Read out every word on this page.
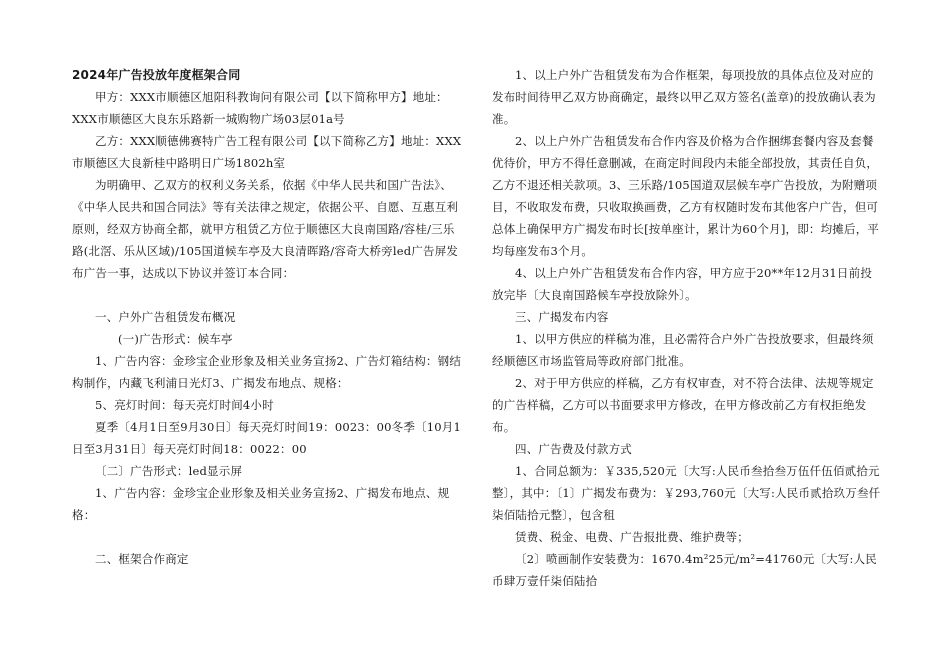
2024年广告投放年度框架合同

甲方：XXX市顺德区旭阳科教询问有限公司【以下简称甲方】地址：XXX市顺德区大良东乐路新一城购物广场03层01a号

乙方：XXX顺德佛赛特广告工程有限公司【以下简称乙方】地址：XXX市顺德区大良新桂中路明日广场1802h室

为明确甲、乙双方的权利义务关系，依据《中华人民共和国广告法》、《中华人民共和国合同法》等有关法律之规定，依据公平、自愿、互惠互利原则，经双方协商全都，就甲方租赁乙方位于顺德区大良南国路/容桂/三乐路(北滘、乐从区域)/105国道候车亭及大良清晖路/容奇大桥旁led广告屏发布广告一事，达成以下协议并签订本合同：

一、户外广告租赁发布概况

(一)广告形式：候车亭

1、广告内容：金珍宝企业形象及相关业务宣扬2、广告灯箱结构：钢结构制作，内藏飞利浦日光灯3、广揭发布地点、规格：

5、亮灯时间：每天亮灯时间4小时

夏季〔4月1日至9月30日〕每天亮灯时间19：0023：00冬季〔10月1日至3月31日〕每天亮灯时间18：0022：00

〔二〕广告形式：led显示屏

1、广告内容：金珍宝企业形象及相关业务宣扬2、广揭发布地点、规格：

二、框架合作商定

1、以上户外广告租赁发布为合作框架，每项投放的具体点位及对应的发布时间待甲乙双方协商确定，最终以甲乙双方签名(盖章)的投放确认表为准。

2、以上户外广告租赁发布合作内容及价格为合作捆绑套餐内容及套餐优待价，甲方不得任意删减，在商定时间段内未能全部投放，其责任自负，乙方不退还相关款项。3、三乐路/105国道双层候车亭广告投放，为附赠项目，不收取发布费，只收取换画费，乙方有权随时发布其他客户广告，但可总体上确保甲方广揭发布时长[按单座计，累计为60个月]，即：均摊后，平均每座发布3个月。

4、以上户外广告租赁发布合作内容，甲方应于20**年12月31日前投放完毕〔大良南国路候车亭投放除外〕。

三、广揭发布内容

1、以甲方供应的样稿为准，且必需符合户外广告投放要求，但最终须经顺德区市场监管局等政府部门批准。

2、对于甲方供应的样稿，乙方有权审查，对不符合法律、法规等规定的广告样稿，乙方可以书面要求甲方修改，在甲方修改前乙方有权拒绝发布。

四、广告费及付款方式

1、合同总额为：￥335,520元〔大写:人民币叁拾叁万伍仟伍佰贰拾元整〕，其中：〔1〕广揭发布费为：￥293,760元〔大写:人民币贰拾玖万叁仟柒佰陆拾元整〕，包含租

赁费、税金、电费、广告报批费、维护费等；

〔2〕喷画制作安装费为：1670.4m²25元/m²=41760元〔大写:人民币肆万壹仟柒佰陆拾
